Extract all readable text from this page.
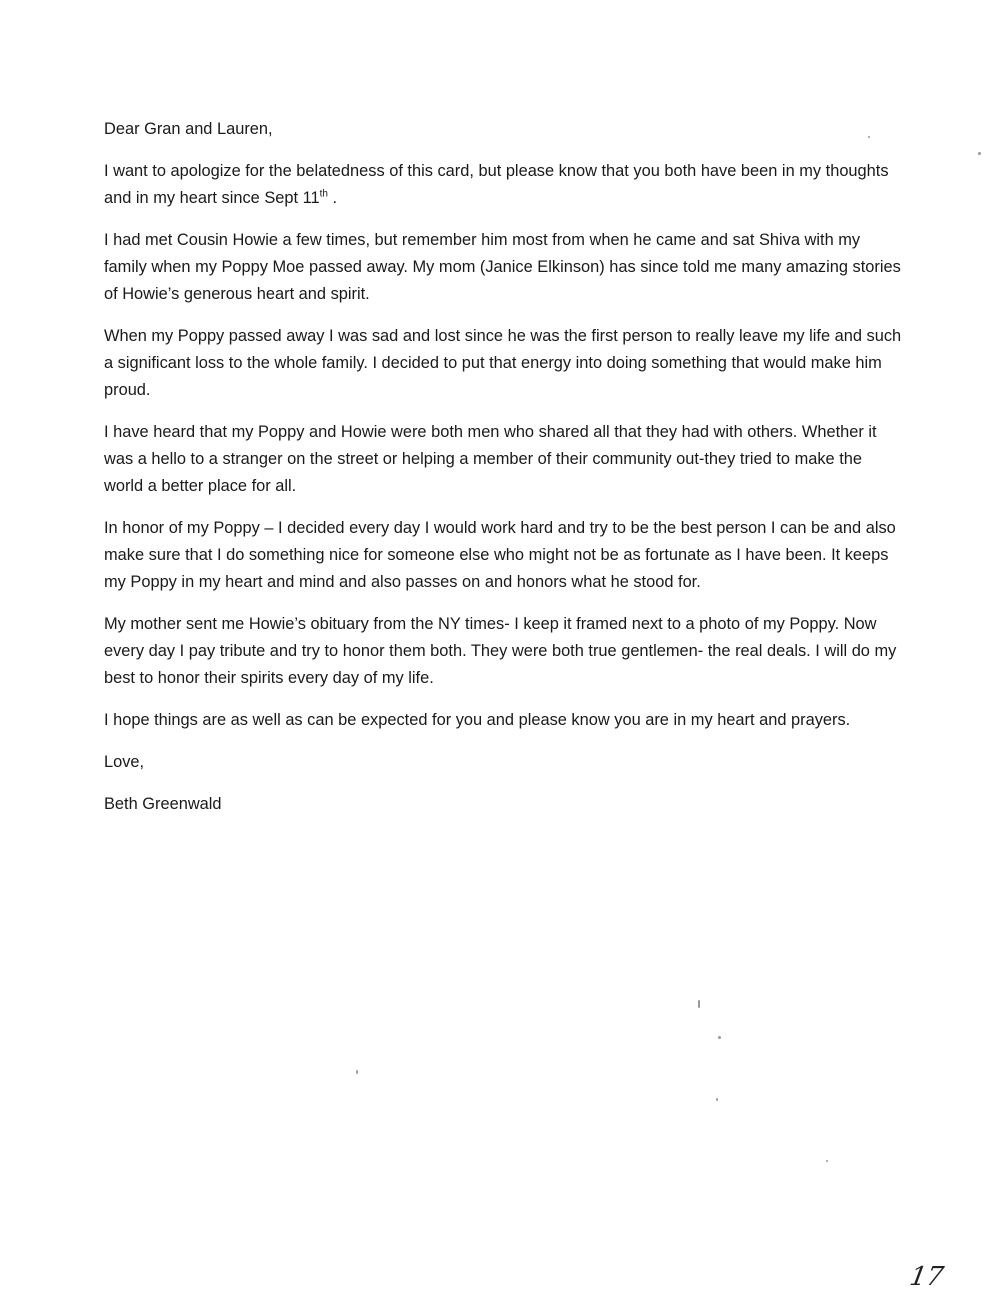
Dear Gran and Lauren,

I want to apologize for the belatedness of this card, but please know that you both have been in my thoughts and in my heart since Sept 11th .

I had met Cousin Howie a few times, but remember him most from when he came and sat Shiva with my family when my Poppy Moe passed away. My mom (Janice Elkinson) has since told me many amazing stories of Howie’s generous heart and spirit.

When my Poppy passed away I was sad and lost since he was the first person to really leave my life and such a significant loss to the whole family. I decided to put that energy into doing something that would make him proud.

I have heard that my Poppy and Howie were both men who shared all that they had with others. Whether it was a hello to a stranger on the street or helping a member of their community out-they tried to make the world a better place for all.

In honor of my Poppy – I decided every day I would work hard and try to be the best person I can be and also make sure that I do something nice for someone else who might not be as fortunate as I have been. It keeps my Poppy in my heart and mind and also passes on and honors what he stood for.

My mother sent me Howie’s obituary from the NY times- I keep it framed next to a photo of my Poppy. Now every day I pay tribute and try to honor them both. They were both true gentlemen- the real deals. I will do my best to honor their spirits every day of my life.

I hope things are as well as can be expected for you and please know you are in my heart and prayers.

Love,

Beth Greenwald

17
